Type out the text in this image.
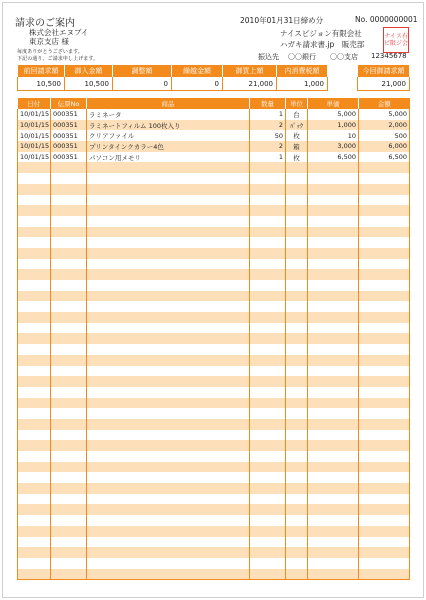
請求のご案内	2010年01月31日締め分	No. 0000000001
株式会社エヌブイ
東京支店 様
毎度ありがとうございます。
下記の通り、ご請求申し上げます。
ナイスビジョン有限会社
ハガキ請求書.jp　販売部
振込先 〇〇銀行 〇〇支店 12345678
ナイ ス有
ビ限 ジ会
前回請求額	御入金額	調整額	繰越金額	御買上額	内消費税額
10,500	10,500	0	0	21,000	1,000
今回御請求額
21,000
日付	伝票No	商品	数量	単位	単価	金額
10/01/15	000351	ラミネータ	1	台	5,000	5,000
10/01/15	000351	ラミネートフィルム 100枚入り	2	ﾊﾟｯｸ	1,000	2,000
10/01/15	000351	クリアファイル	50	枚	10	500
10/01/15	000351	プリンタインクカラー4色	2	箱	3,000	6,000
10/01/15	000351	パソコン用メモリ	1	枚	6,500	6,500
